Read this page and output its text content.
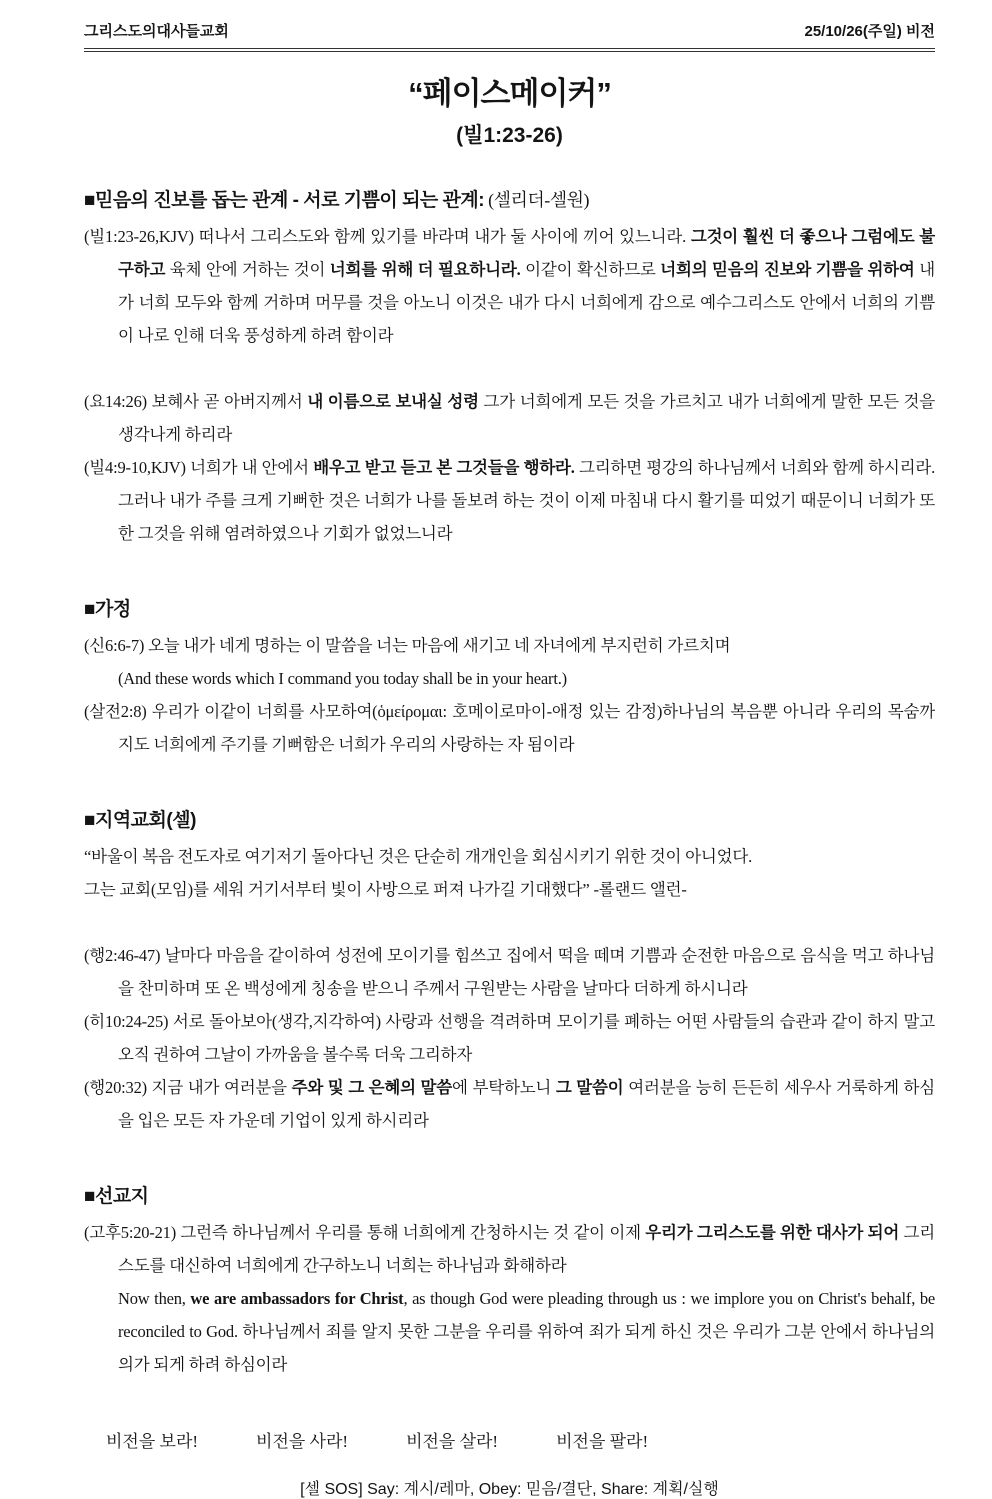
그리스도의대사들교회	25/10/26(주일) 비전
“페이스메이커”
(빌1:23-26)
■믿음의 진보를 돕는 관계 - 서로 기쁨이 되는 관계: (셀리더-셀원)

(빌1:23-26,KJV) 떠나서 그리스도와 함께 있기를 바라며 내가 둘 사이에 끼어 있느니라. 그것이 훨씬 더 좋으나 그럼에도 불구하고 육체 안에 거하는 것이 너희를 위해 더 필요하니라. 이같이 확신하므로 너희의 믿음의 진보와 기쁨을 위하여 내가 너희 모두와 함께 거하며 머무를 것을 아노니 이것은 내가 다시 너희에게 감으로 예수그리스도 안에서 너희의 기쁨이 나로 인해 더욱 풍성하게 하려 함이라

(요14:26) 보혜사 곧 아버지께서 내 이름으로 보내실 성령 그가 너희에게 모든 것을 가르치고 내가 너희에게 말한 모든 것을 생각나게 하리라

(빌4:9-10,KJV) 너희가 내 안에서 배우고 받고 듣고 본 그것들을 행하라. 그리하면 평강의 하나님께서 너희와 함께 하시리라. 그러나 내가 주를 크게 기뻐한 것은 너희가 나를 돌보려 하는 것이 이제 마침내 다시 활기를 띠었기 때문이니 너희가 또한 그것을 위해 염려하였으나 기회가 없었느니라

■가정

(신6:6-7) 오늘 내가 네게 명하는 이 말씀을 너는 마음에 새기고 네 자녀에게 부지런히 가르치며

(And these words which I command you today shall be in your heart.)

(살전2:8) 우리가 이같이 너희를 사모하여(ὁμείρομαι: 호메이로마이-애정 있는 감정)하나님의 복음뿐 아니라 우리의 목숨까지도 너희에게 주기를 기뻐함은 너희가 우리의 사랑하는 자 됨이라

■지역교회(셀)

“바울이 복음 전도자로 여기저기 돌아다닌 것은 단순히 개개인을 회심시키기 위한 것이 아니었다.

그는 교회(모임)를 세워 거기서부터 빛이 사방으로 퍼져 나가길 기대했다” -롤랜드 앨런-

(행2:46-47) 날마다 마음을 같이하여 성전에 모이기를 힘쓰고 집에서 떡을 떼며 기쁨과 순전한 마음으로 음식을 먹고 하나님을 찬미하며 또 온 백성에게 칭송을 받으니 주께서 구원받는 사람을 날마다 더하게 하시니라

(히10:24-25) 서로 돌아보아(생각,지각하여) 사랑과 선행을 격려하며 모이기를 폐하는 어떤 사람들의 습관과 같이 하지 말고 오직 권하여 그날이 가까움을 볼수록 더욱 그리하자

(행20:32) 지금 내가 여러분을 주와 및 그 은혜의 말씀에 부탁하노니 그 말씀이 여러분을 능히 든든히 세우사 거룩하게 하심을 입은 모든 자 가운데 기업이 있게 하시리라

■선교지

(고후5:20-21) 그런즉 하나님께서 우리를 통해 너희에게 간청하시는 것 같이 이제 우리가 그리스도를 위한 대사가 되어 그리스도를 대신하여 너희에게 간구하노니 너희는 하나님과 화해하라

Now then, we are ambassadors for Christ, as though God were pleading through us : we implore you on Christ's behalf, be reconciled to God. 하나님께서 죄를 알지 못한 그분을 우리를 위하여 죄가 되게 하신 것은 우리가 그분 안에서 하나님의 의가 되게 하려 하심이라

비전을 보라!	비전을 사라!	비전을 살라!	비전을 팔라!
[셀 SOS] Say: 계시/레마, Obey: 믿음/결단, Share: 계획/실행
